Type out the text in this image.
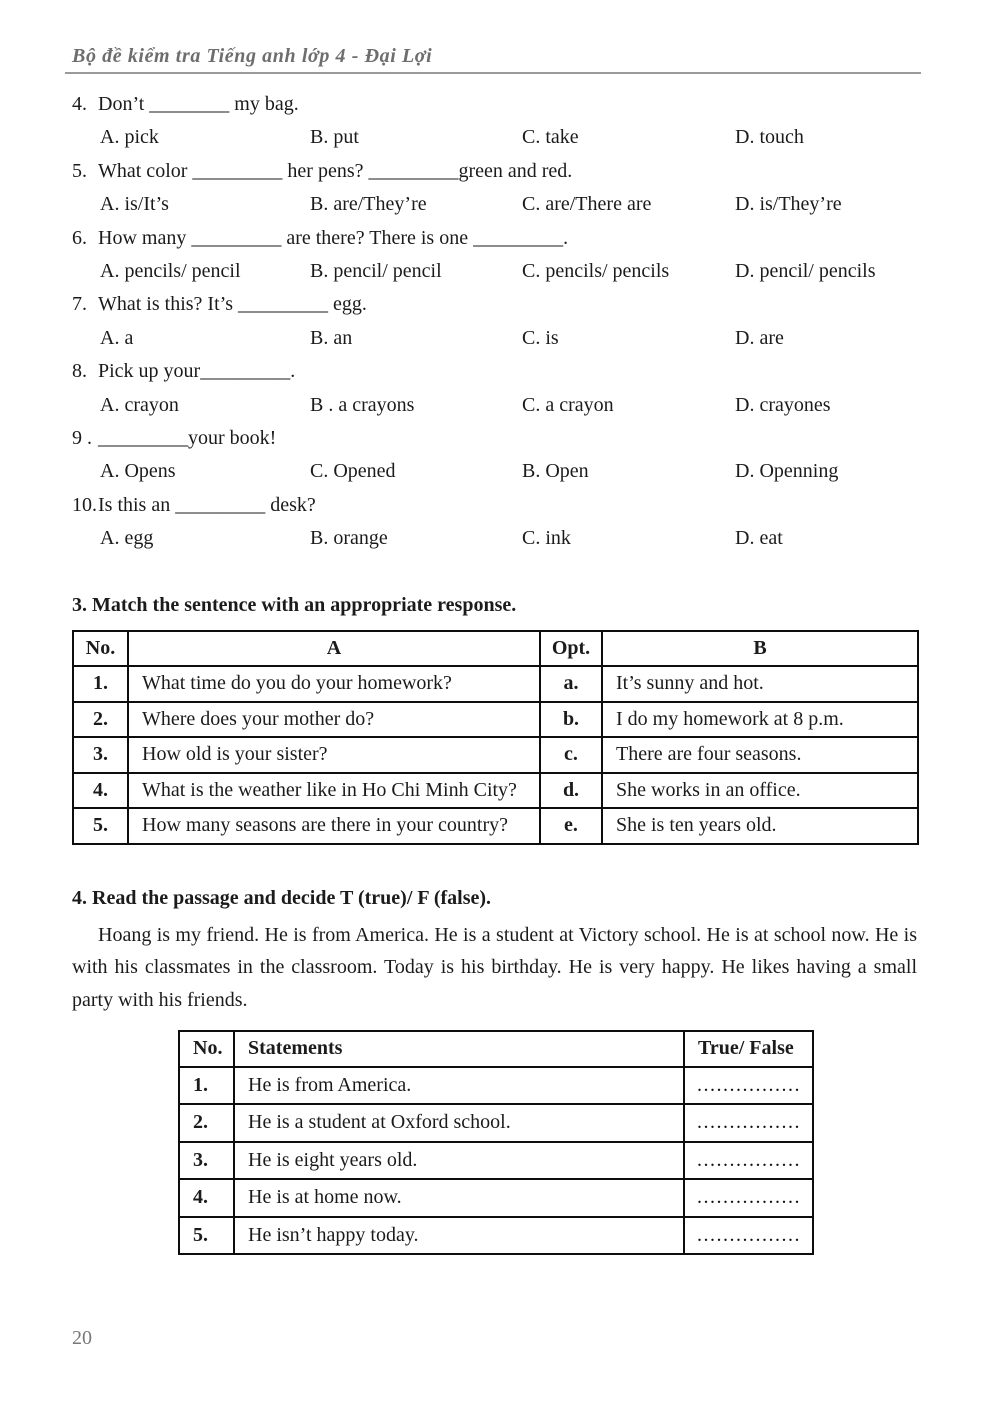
Bộ đề kiểm tra Tiếng anh lớp 4 - Đại Lợi
4. Don’t ________ my bag.
A. pick	B. put	C. take	D. touch
5. What color _________ her pens? _________green and red.
A. is/It’s	B. are/They’re	C. are/There are	D. is/They’re
6. How many _________ are there? There is one _________.
A. pencils/ pencil	B. pencil/ pencil	C. pencils/ pencils	D. pencil/ pencils
7. What is this? It’s _________ egg.
A. a	B. an	C. is	D. are
8. Pick up your_________.
A. crayon	B . a crayons	C. a crayon	D. crayones
9 . _________your book!
A. Opens	C. Opened	B. Open	D. Openning
10.Is this an _________ desk?
A. egg	B. orange	C. ink	D. eat
3. Match the sentence with an appropriate response.
No.	A	Opt.	B
1.	What time do you do your homework?	a.	It’s sunny and hot.
2.	Where does your mother do?	b.	I do my homework at 8 p.m.
3.	How old is your sister?	c.	There are four seasons.
4.	What is the weather like in Ho Chi Minh City?	d.	She works in an office.
5.	How many seasons are there in your country?	e.	She is ten years old.
4. Read the passage and decide T (true)/ F (false).

Hoang is my friend. He is from America. He is a student at Victory school. He is at school now. He is with his classmates in the classroom. Today is his birthday. He is very happy. He likes having a small party with his friends.

No.	Statements	True/ False
1.	He is from America.	................
2.	He is a student at Oxford school.	................
3.	He is eight years old.	................
4.	He is at home now.	................
5.	He isn’t happy today.	................
20
